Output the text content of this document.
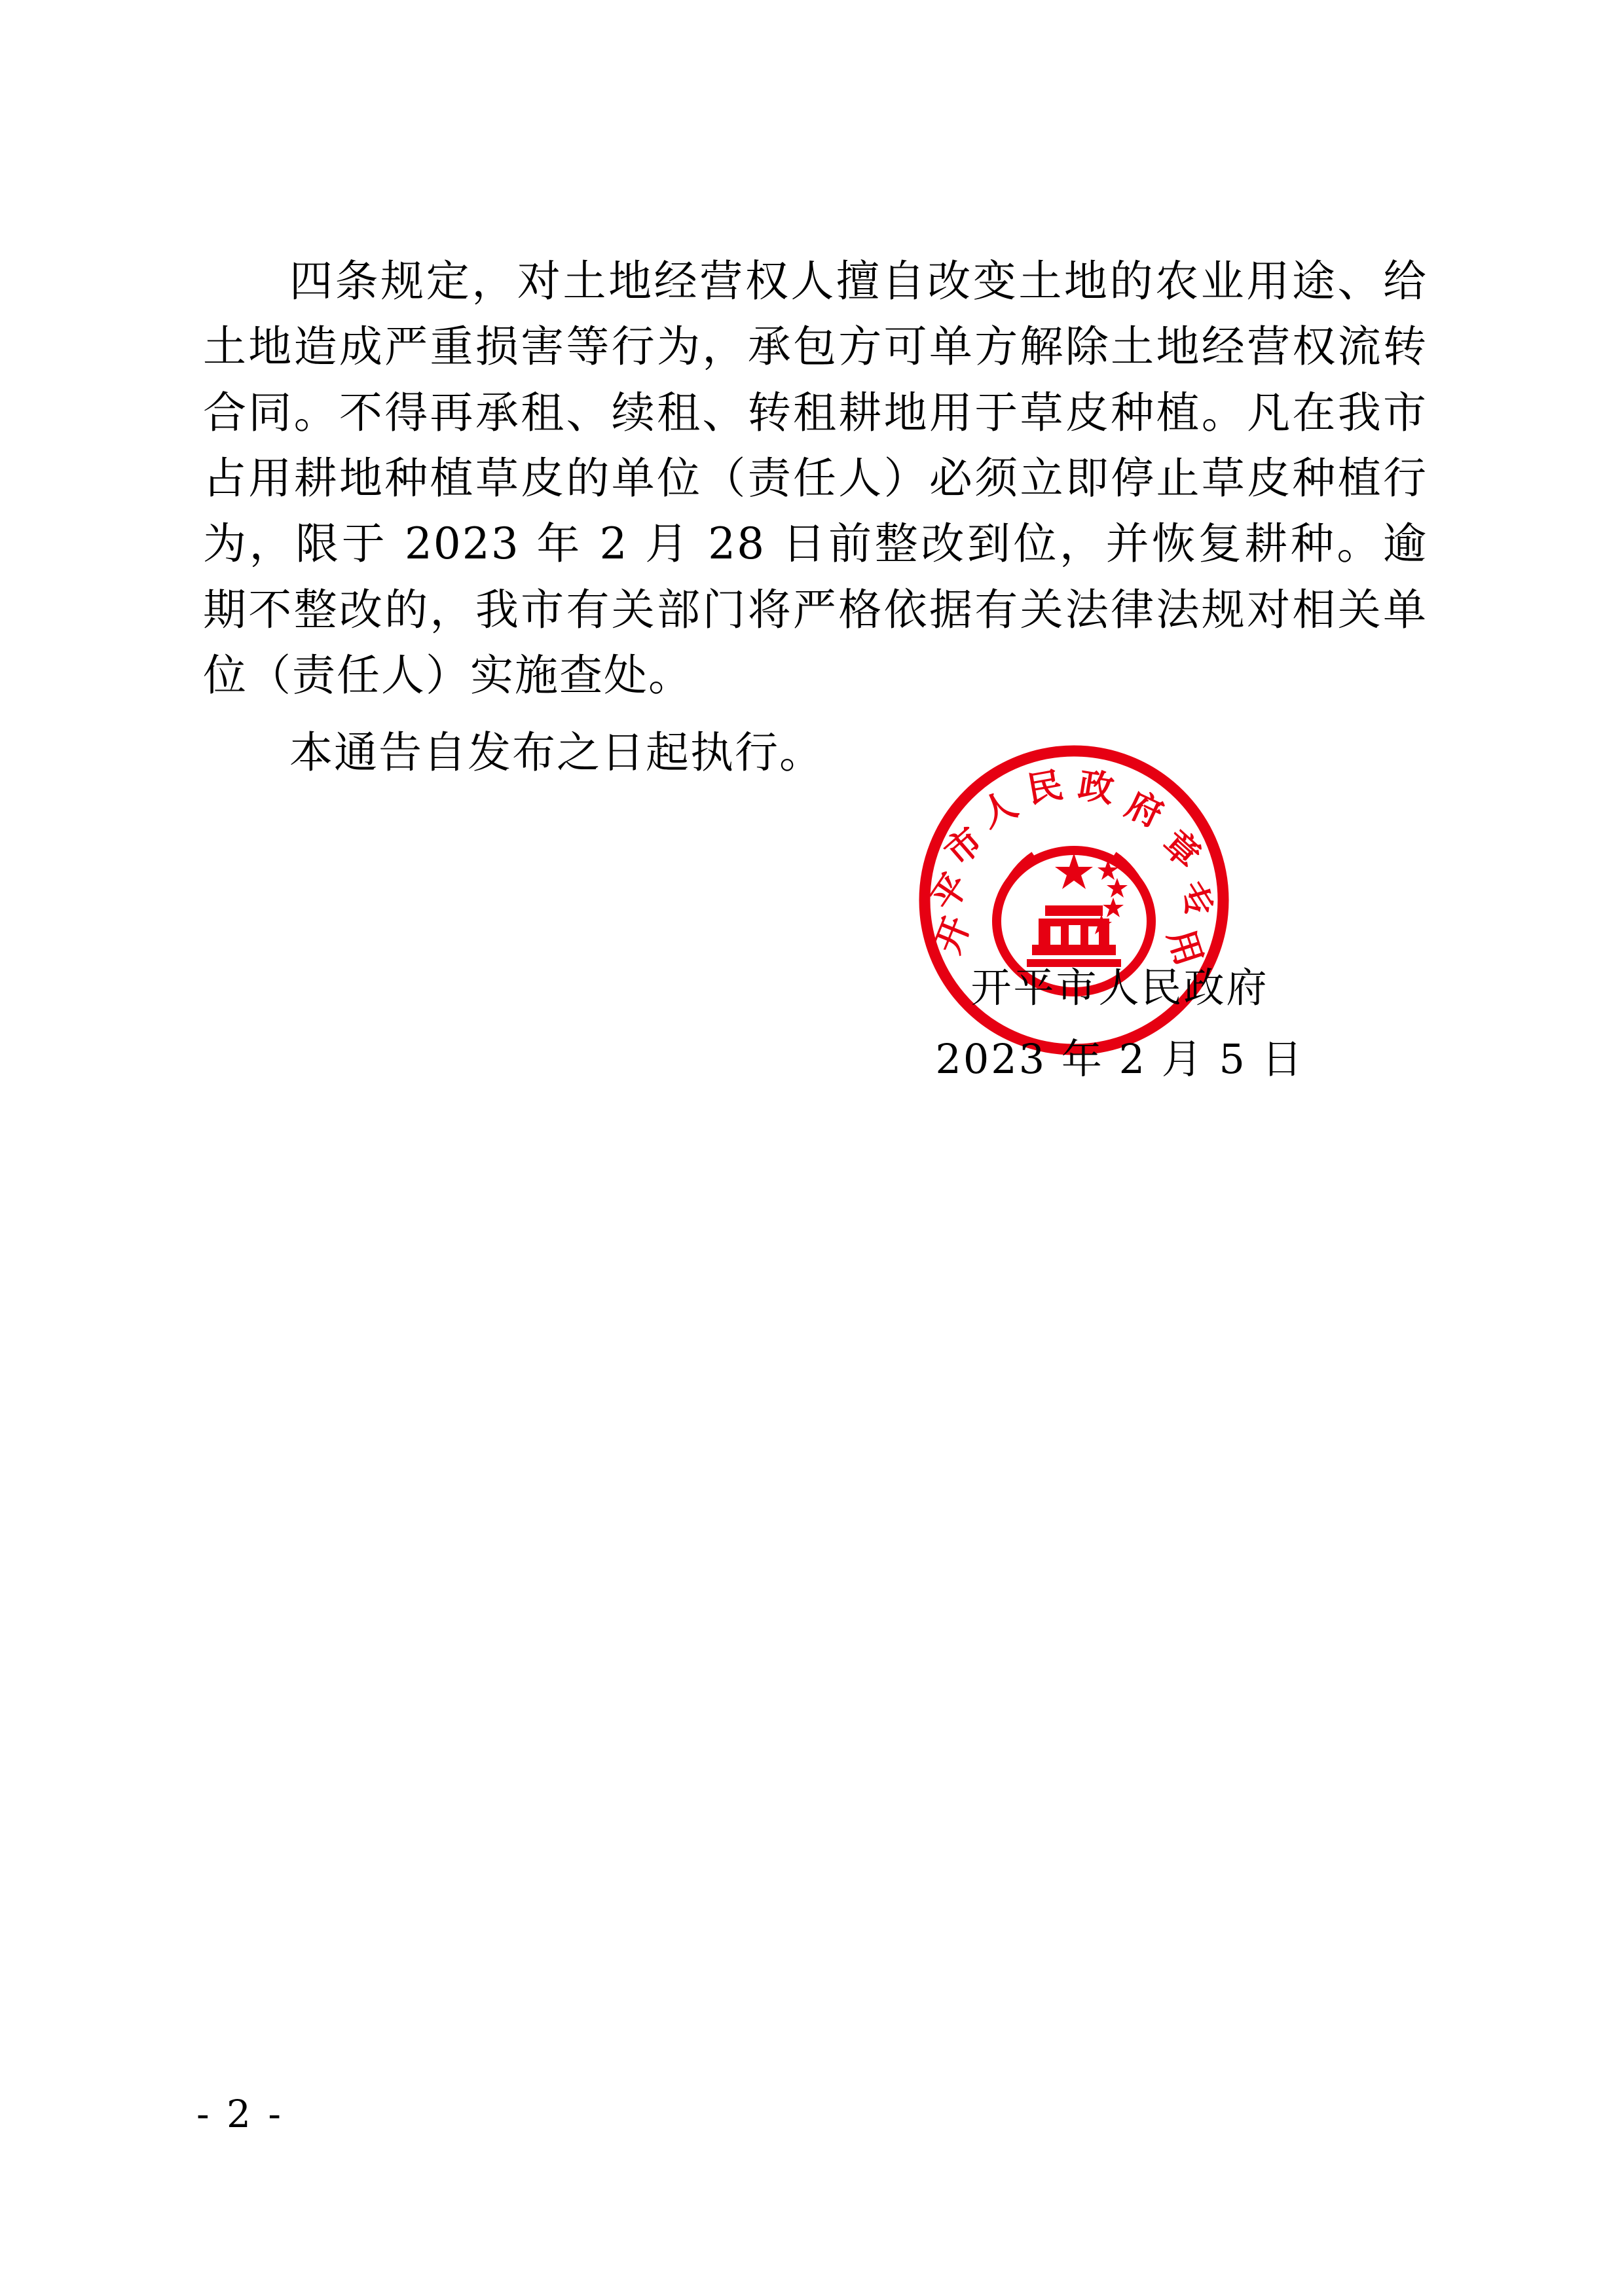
四条规定，对土地经营权人擅自改变土地的农业用途、给土地造成严重损害等行为，承包方可单方解除土地经营权流转合同。不得再承租、续租、转租耕地用于草皮种植。凡在我市占用耕地种植草皮的单位（责任人）必须立即停止草皮种植行为，限于 2023 年 2 月 28 日前整改到位，并恢复耕种。逾期不整改的，我市有关部门将严格依据有关法律法规对相关单位（责任人）实施查处。

本通告自发布之日起执行。

开
平
市
人 民 政 府
章
专
用
开平市人民政府
2023 年 2 月 5 日
- 2 -
